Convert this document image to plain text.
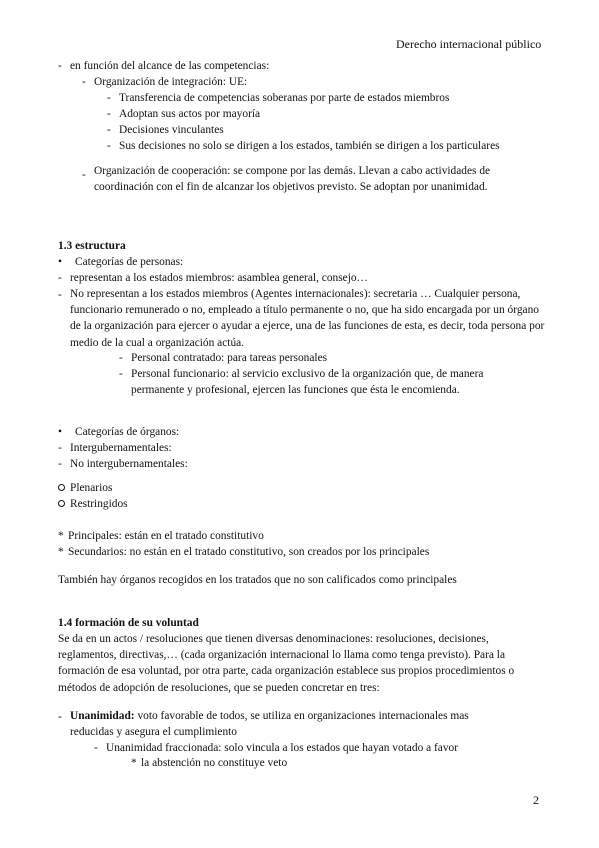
Derecho internacional público
- en función del alcance de las competencias:
- Organización de integración: UE:
- Transferencia de competencias soberanas por parte de estados miembros
- Adoptan sus actos por mayoría
- Decisiones vinculantes
- Sus decisiones no solo se dirigen a los estados, también se dirigen a los particulares
- Organización de cooperación: se compone por las demás. Llevan a cabo actividades de coordinación con el fin de alcanzar los objetivos previsto. Se adoptan por unanimidad.
1.3 estructura
• Categorías de personas:
- representan a los estados miembros: asamblea general, consejo…
- No representan a los estados miembros (Agentes internacionales): secretaria … Cualquier persona, funcionario remunerado o no, empleado a título permanente o no, que ha sido encargada por un órgano de la organización para ejercer o ayudar a ejerce, una de las funciones de esta, es decir, toda persona por medio de la cual a organización actúa.
- Personal contratado: para tareas personales
- Personal funcionario: al servicio exclusivo de la organización que, de manera permanente y profesional, ejercen las funciones que ésta le encomienda.
• Categorías de órganos:
- Intergubernamentales:
- No intergubernamentales:
Plenarios
Restringidos
* Principales: están en el tratado constitutivo
* Secundarios: no están en el tratado constitutivo, son creados por los principales
También hay órganos recogidos en los tratados que no son calificados como principales
1.4 formación de su voluntad
Se da en un actos / resoluciones que tienen diversas denominaciones: resoluciones, decisiones, reglamentos, directivas,… (cada organización internacional lo llama como tenga previsto). Para la formación de esa voluntad, por otra parte, cada organización establece sus propios procedimientos o métodos de adopción de resoluciones, que se pueden concretar en tres:
- Unanimidad: voto favorable de todos, se utiliza en organizaciones internacionales mas reducidas y asegura el cumplimiento
- Unanimidad fraccionada: solo vincula a los estados que hayan votado a favor
* la abstención no constituye veto
2
